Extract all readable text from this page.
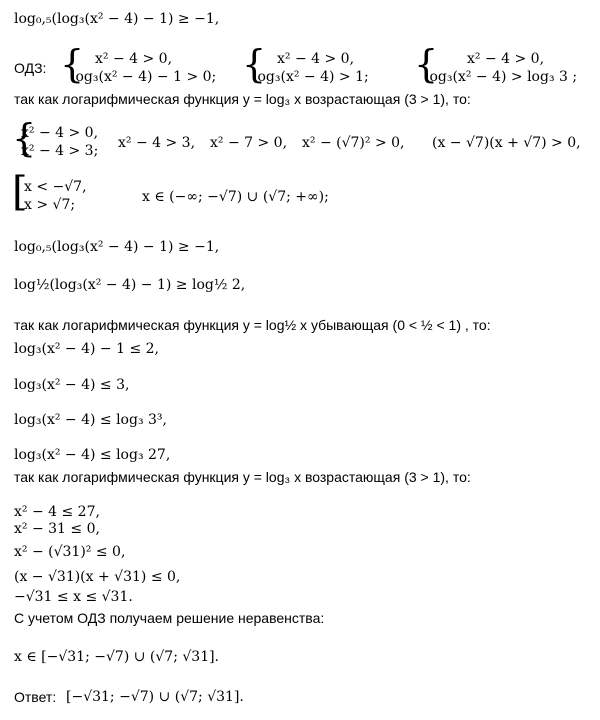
log₀,₅(log₃(x² − 4) − 1) ≥ −1,
ОДЗ: { x² − 4 > 0,
log₃(x² − 4) − 1 > 0; { x² − 4 > 0,
log₃(x² − 4) > 1; {	x² − 4 > 0,
log₃(x² − 4) > log₃ 3 ;
так как логарифмическая функция y = log₃ x возрастающая (3 > 1), то:
{
x² − 4 > 0,
x² − 4 > 3; x² − 4 > 3, x² − 7 > 0, x² − (√7)² > 0, (x − √7)(x + √7) > 0,
[
x < −√7,
x > √7;	x ∈ (−∞; −√7) ∪ (√7; +∞);
log₀,₅(log₃(x² − 4) − 1) ≥ −1,
log½(log₃(x² − 4) − 1) ≥ log½ 2,
так как логарифмическая функция y = log½ x убывающая (0 < ½ < 1) , то:
log₃(x² − 4) − 1 ≤ 2,
log₃(x² − 4) ≤ 3,
log₃(x² − 4) ≤ log₃ 3³,
log₃(x² − 4) ≤ log₃ 27,
так как логарифмическая функция y = log₃ x возрастающая (3 > 1), то:
x² − 4 ≤ 27,
x² − 31 ≤ 0,
x² − (√31)² ≤ 0,
(x − √31)(x + √31) ≤ 0,
−√31 ≤ x ≤ √31.
С учетом ОДЗ получаем решение неравенства:
x ∈ [−√31; −√7) ∪ (√7; √31].
Ответ: [−√31; −√7) ∪ (√7; √31].
